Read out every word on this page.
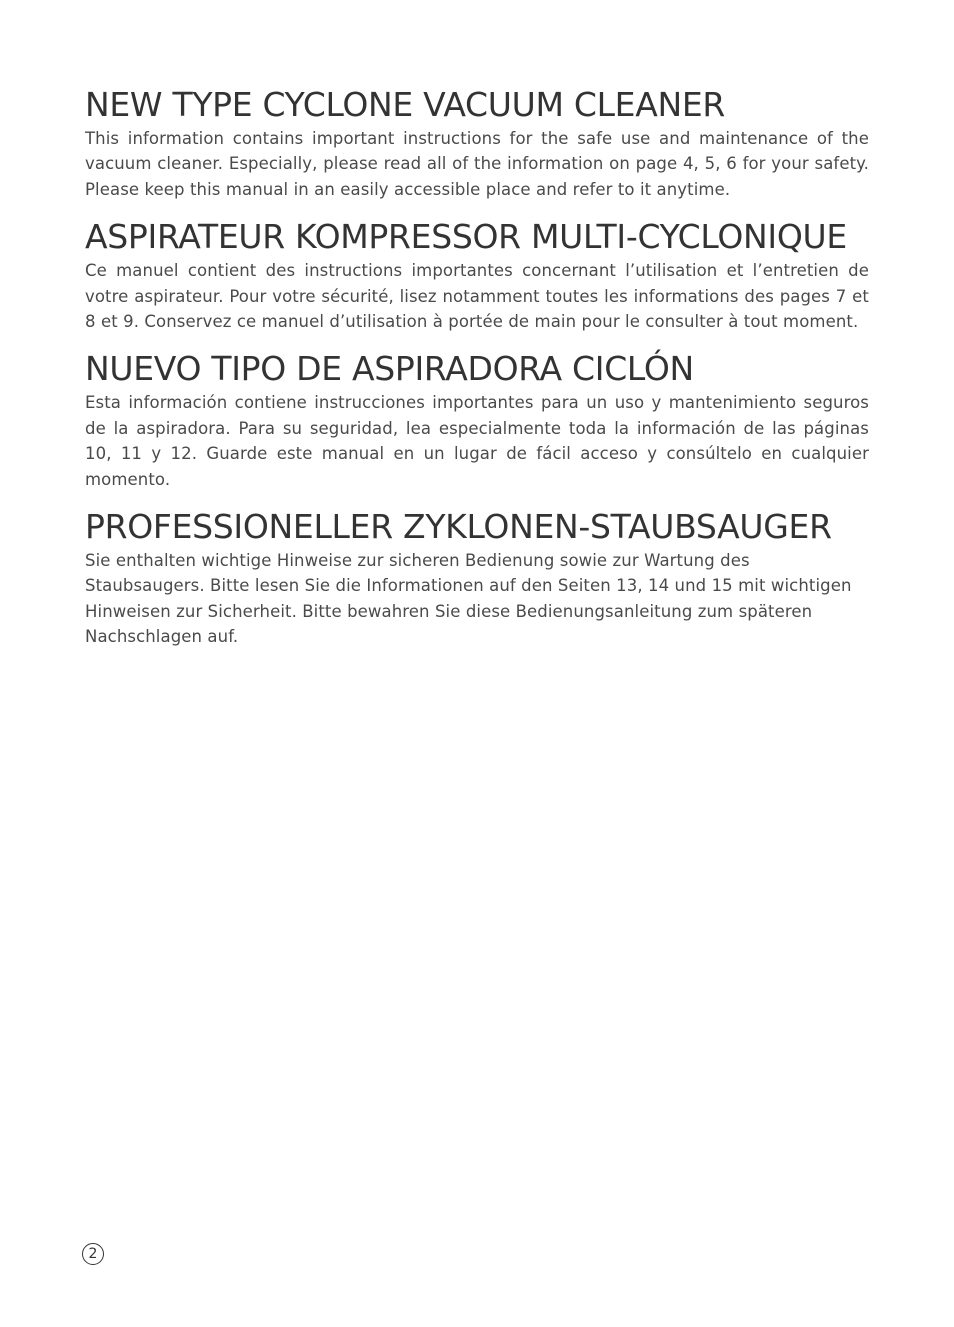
NEW TYPE CYCLONE VACUUM CLEANER

This information contains important instructions for the safe use and maintenance of the vacuum cleaner. Especially, please read all of the information on page 4, 5, 6 for your safety. Please keep this manual in an easily accessible place and refer to it anytime.

ASPIRATEUR KOMPRESSOR MULTI-CYCLONIQUE

Ce manuel contient des instructions importantes concernant l’utilisation et l’entretien de votre aspirateur. Pour votre sécurité, lisez notamment toutes les informations des pages 7 et 8 et 9. Conservez ce manuel d’utilisation à portée de main pour le consulter à tout moment.

NUEVO TIPO DE ASPIRADORA CICLÓN

Esta información contiene instrucciones importantes para un uso y mantenimiento seguros de la aspiradora. Para su seguridad, lea especialmente toda la información de las páginas 10, 11 y 12. Guarde este manual en un lugar de fácil acceso y consúltelo en cualquier momento.

PROFESSIONELLER ZYKLONEN-STAUBSAUGER

Sie enthalten wichtige Hinweise zur sicheren Bedienung sowie zur Wartung des Staubsaugers. Bitte lesen Sie die Informationen auf den Seiten 13, 14 und 15 mit wichtigen Hinweisen zur Sicherheit. Bitte bewahren Sie diese Bedienungsanleitung zum späteren Nachschlagen auf.

2
